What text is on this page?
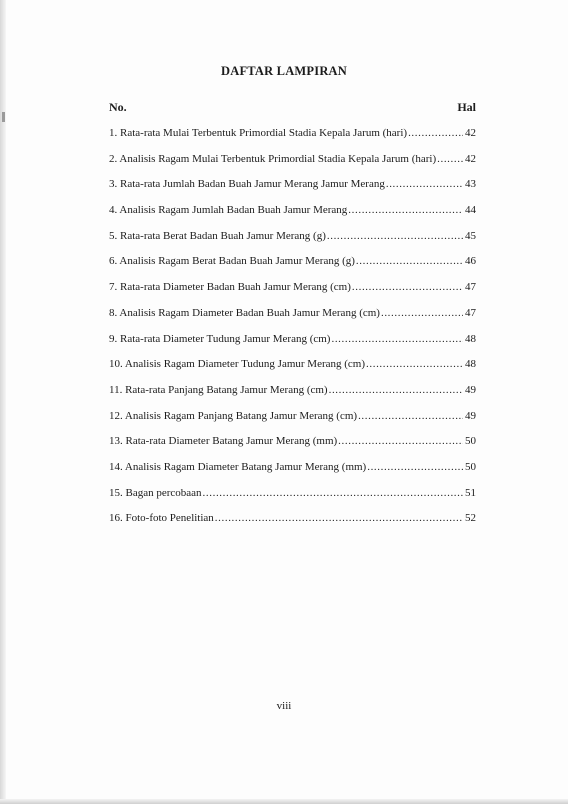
DAFTAR LAMPIRAN
No.	Hal
1. Rata-rata Mulai Terbentuk Primordial Stadia Kepala Jarum (hari) .....	42
2. Analisis Ragam Mulai Terbentuk Primordial Stadia Kepala Jarum (hari) .....	42
3. Rata-rata Jumlah Badan Buah Jamur Merang Jamur Merang .....	43
4. Analisis Ragam Jumlah Badan Buah Jamur Merang .....	44
5. Rata-rata Berat Badan Buah Jamur Merang (g) .....	45
6. Analisis Ragam Berat Badan Buah Jamur Merang (g) .....	46
7. Rata-rata Diameter Badan Buah Jamur Merang (cm) .....	47
8. Analisis Ragam Diameter Badan Buah Jamur Merang (cm) .....	47
9. Rata-rata Diameter Tudung Jamur Merang (cm) .....	48
10. Analisis Ragam Diameter Tudung Jamur Merang (cm) .....	48
11. Rata-rata Panjang Batang Jamur Merang (cm) .....	49
12. Analisis Ragam Panjang Batang Jamur Merang (cm) .....	49
13. Rata-rata Diameter Batang Jamur Merang (mm) .....	50
14. Analisis Ragam Diameter Batang Jamur Merang (mm) .....	50
15. Bagan percobaan .....	51
16. Foto-foto Penelitian .....	52
viii
